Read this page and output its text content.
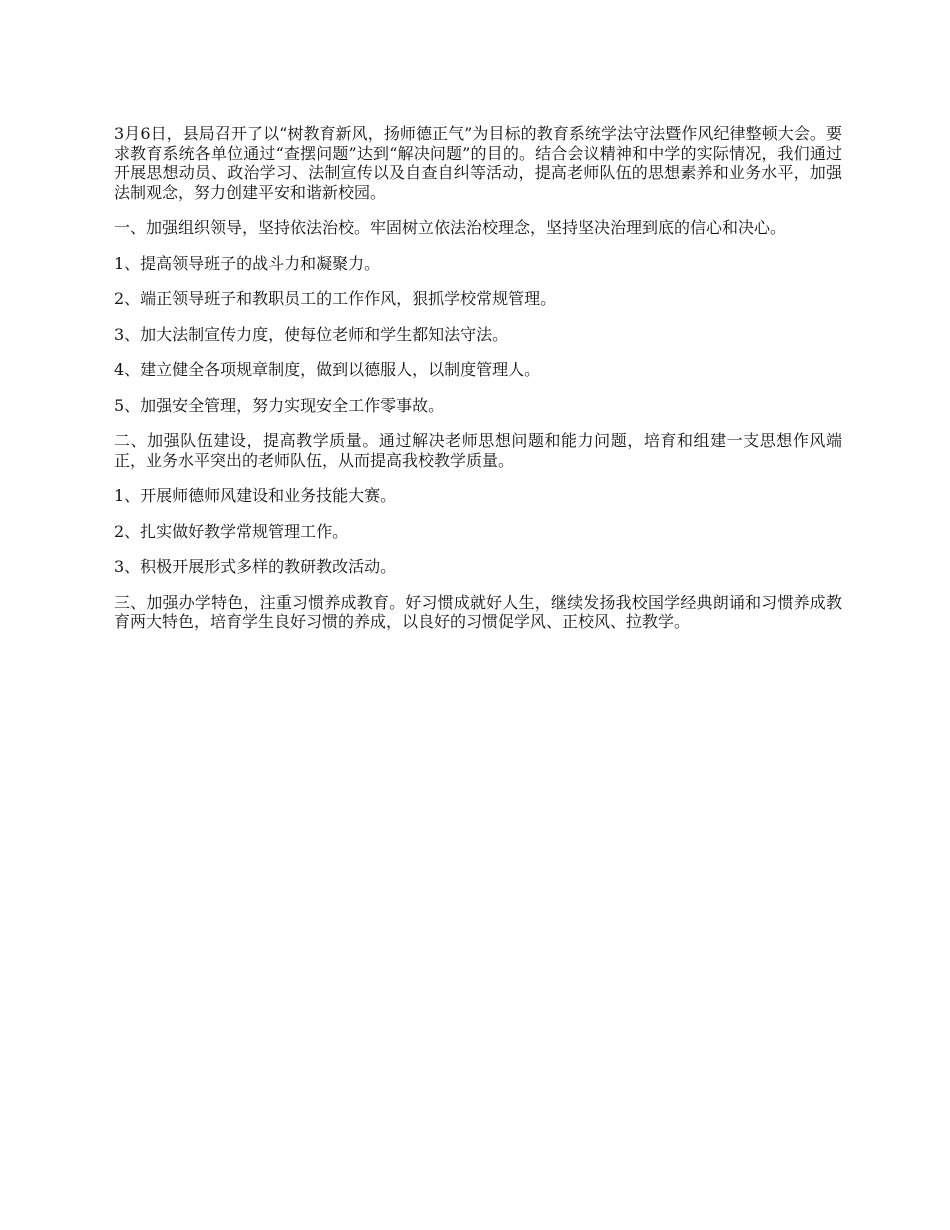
3月6日，县局召开了以“树教育新风，扬师德正气”为目标的教育系统学法守法暨作风纪律整顿大会。要求教育系统各单位通过“查摆问题”达到“解决问题”的目的。结合会议精神和中学的实际情况，我们通过开展思想动员、政治学习、法制宣传以及自查自纠等活动，提高老师队伍的思想素养和业务水平，加强法制观念，努力创建平安和谐新校园。

一、加强组织领导，坚持依法治校。牢固树立依法治校理念，坚持坚决治理到底的信心和决心。

1、提高领导班子的战斗力和凝聚力。

2、端正领导班子和教职员工的工作作风，狠抓学校常规管理。

3、加大法制宣传力度，使每位老师和学生都知法守法。

4、建立健全各项规章制度，做到以德服人，以制度管理人。

5、加强安全管理，努力实现安全工作零事故。

二、加强队伍建设，提高教学质量。通过解决老师思想问题和能力问题，培育和组建一支思想作风端正，业务水平突出的老师队伍，从而提高我校教学质量。

1、开展师德师风建设和业务技能大赛。

2、扎实做好教学常规管理工作。

3、积极开展形式多样的教研教改活动。

三、加强办学特色，注重习惯养成教育。好习惯成就好人生，继续发扬我校国学经典朗诵和习惯养成教育两大特色，培育学生良好习惯的养成，以良好的习惯促学风、正校风、拉教学。
